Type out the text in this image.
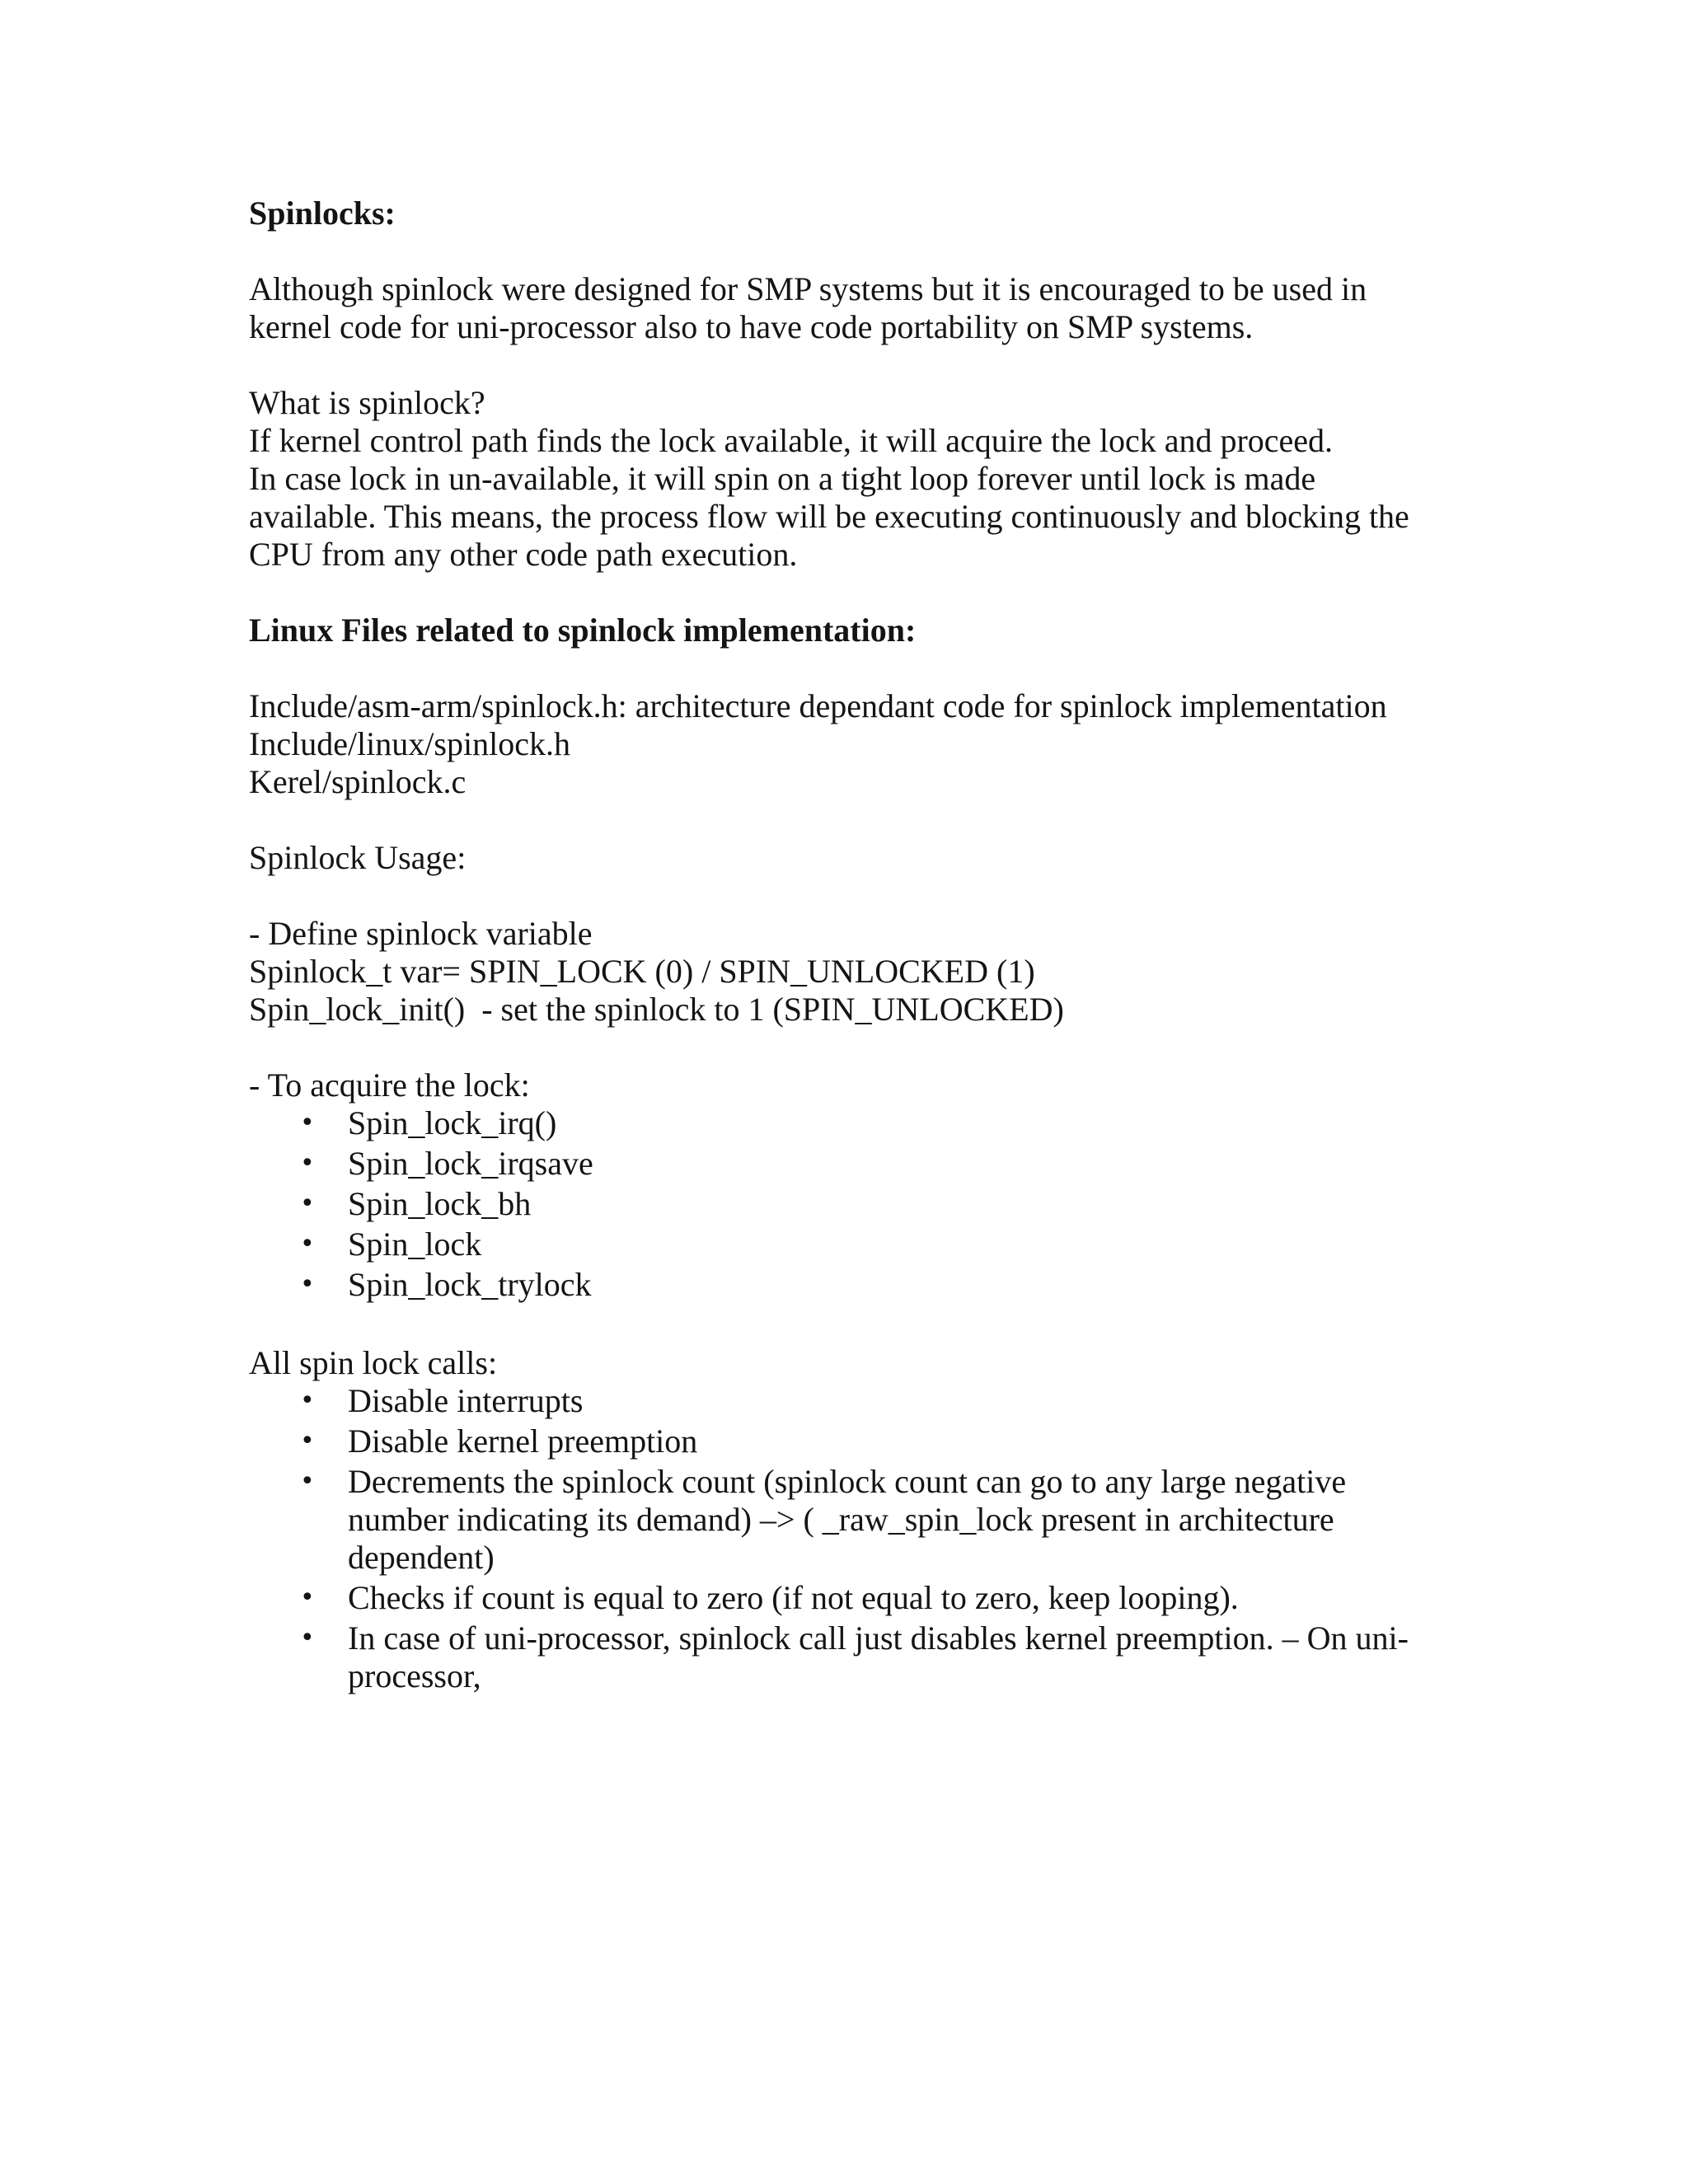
Spinlocks:

Although spinlock were designed for SMP systems but it is encouraged to be used in kernel code for uni-processor also to have code portability on SMP systems.

What is spinlock?

If kernel control path finds the lock available, it will acquire the lock and proceed.

In case lock in un-available, it will spin on a tight loop forever until lock is made available. This means, the process flow will be executing continuously and blocking the CPU from any other code path execution.

Linux Files related to spinlock implementation:

Include/asm-arm/spinlock.h: architecture dependant code for spinlock implementation

Include/linux/spinlock.h

Kerel/spinlock.c

Spinlock Usage:

- Define spinlock variable

Spinlock_t var= SPIN_LOCK (0) / SPIN_UNLOCKED (1)

Spin_lock_init()  - set the spinlock to 1 (SPIN_UNLOCKED)

- To acquire the lock:

• Spin_lock_irq()
• Spin_lock_irqsave
• Spin_lock_bh
• Spin_lock
• Spin_lock_trylock

All spin lock calls:

• Disable interrupts
• Disable kernel preemption
• Decrements the spinlock count (spinlock count can go to any large negative number indicating its demand) –> ( _raw_spin_lock present in architecture dependent)
• Checks if count is equal to zero (if not equal to zero, keep looping).
• In case of uni-processor, spinlock call just disables kernel preemption. – On uni-processor,
